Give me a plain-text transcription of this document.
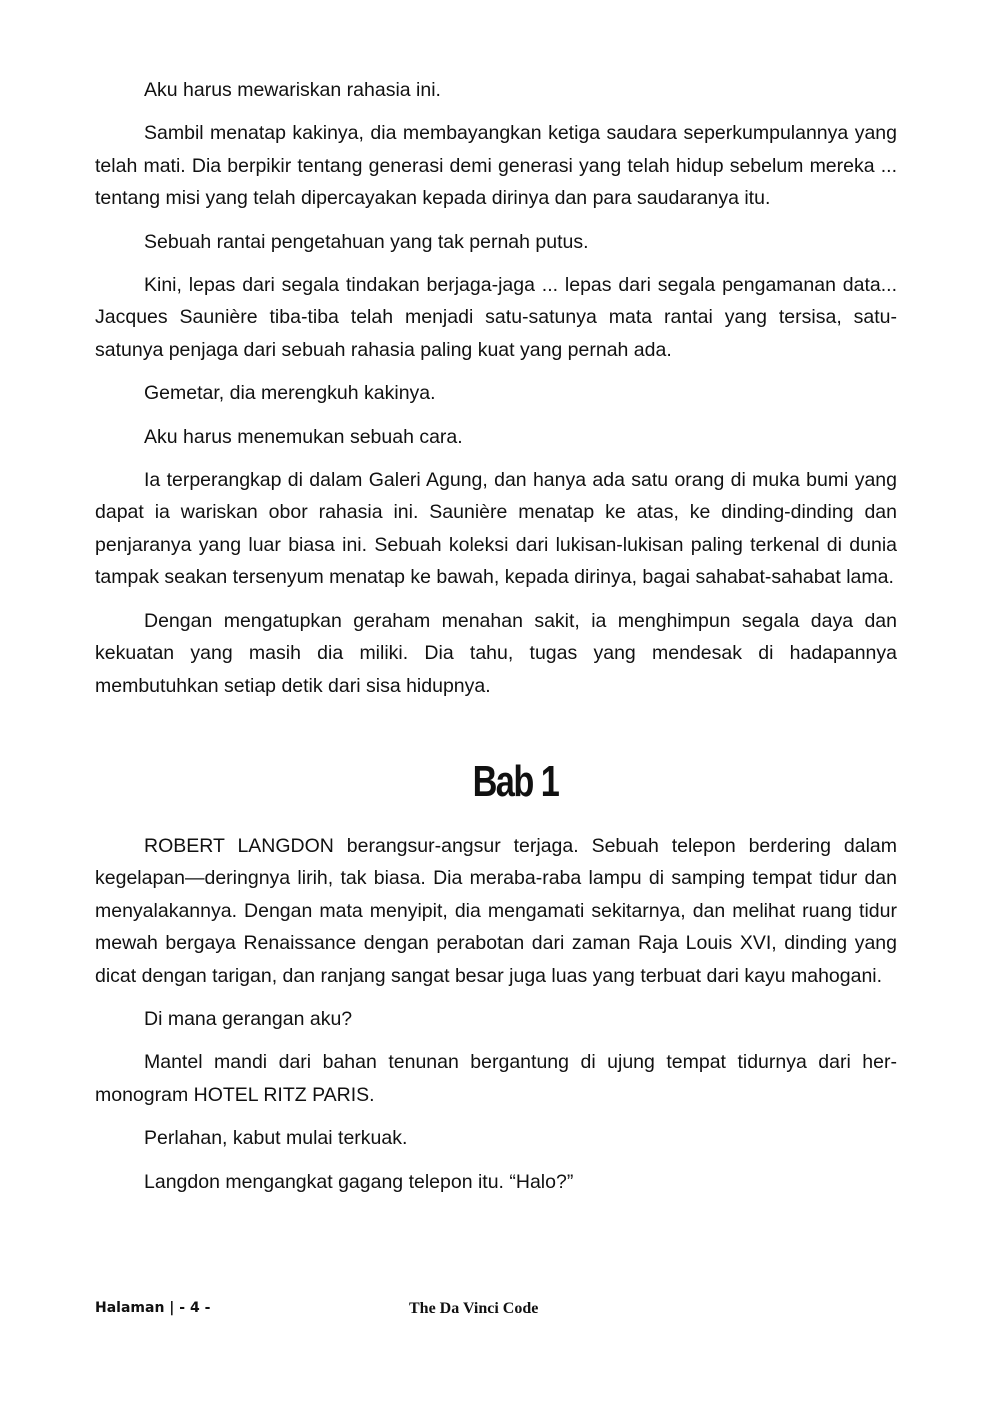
Aku harus mewariskan rahasia ini.

Sambil menatap kakinya, dia membayangkan ketiga saudara seperkumpulannya yang telah mati. Dia berpikir tentang generasi demi generasi yang telah hidup sebelum mereka ... tentang misi yang telah dipercayakan kepada dirinya dan para saudaranya itu.

Sebuah rantai pengetahuan yang tak pernah putus.

Kini, lepas dari segala tindakan berjaga-jaga ... lepas dari segala pengamanan data... Jacques Saunière tiba-tiba telah menjadi satu-satunya mata rantai yang tersisa, satu-satunya penjaga dari sebuah rahasia paling kuat yang pernah ada.

Gemetar, dia merengkuh kakinya.

Aku harus menemukan sebuah cara.

Ia terperangkap di dalam Galeri Agung, dan hanya ada satu orang di muka bumi yang dapat ia wariskan obor rahasia ini. Saunière menatap ke atas, ke dinding-dinding dan penjaranya yang luar biasa ini. Sebuah koleksi dari lukisan-lukisan paling terkenal di dunia tampak seakan tersenyum menatap ke bawah, kepada dirinya, bagai sahabat-sahabat lama.

Dengan mengatupkan geraham menahan sakit, ia menghimpun segala daya dan kekuatan yang masih dia miliki. Dia tahu, tugas yang mendesak di hadapannya membutuhkan setiap detik dari sisa hidupnya.

Bab 1

ROBERT LANGDON berangsur-angsur terjaga. Sebuah telepon berdering dalam kegelapan—deringnya lirih, tak biasa. Dia meraba-raba lampu di samping tempat tidur dan menyalakannya. Dengan mata menyipit, dia mengamati sekitarnya, dan melihat ruang tidur mewah bergaya Renaissance dengan perabotan dari zaman Raja Louis XVI, dinding yang dicat dengan tarigan, dan ranjang sangat besar juga luas yang terbuat dari kayu mahogani.

Di mana gerangan aku?

Mantel mandi dari bahan tenunan bergantung di ujung tempat tidurnya dari her-monogram HOTEL RITZ PARIS.

Perlahan, kabut mulai terkuak.

Langdon mengangkat gagang telepon itu. “Halo?”

Halaman | - 4 -	The Da Vinci Code
